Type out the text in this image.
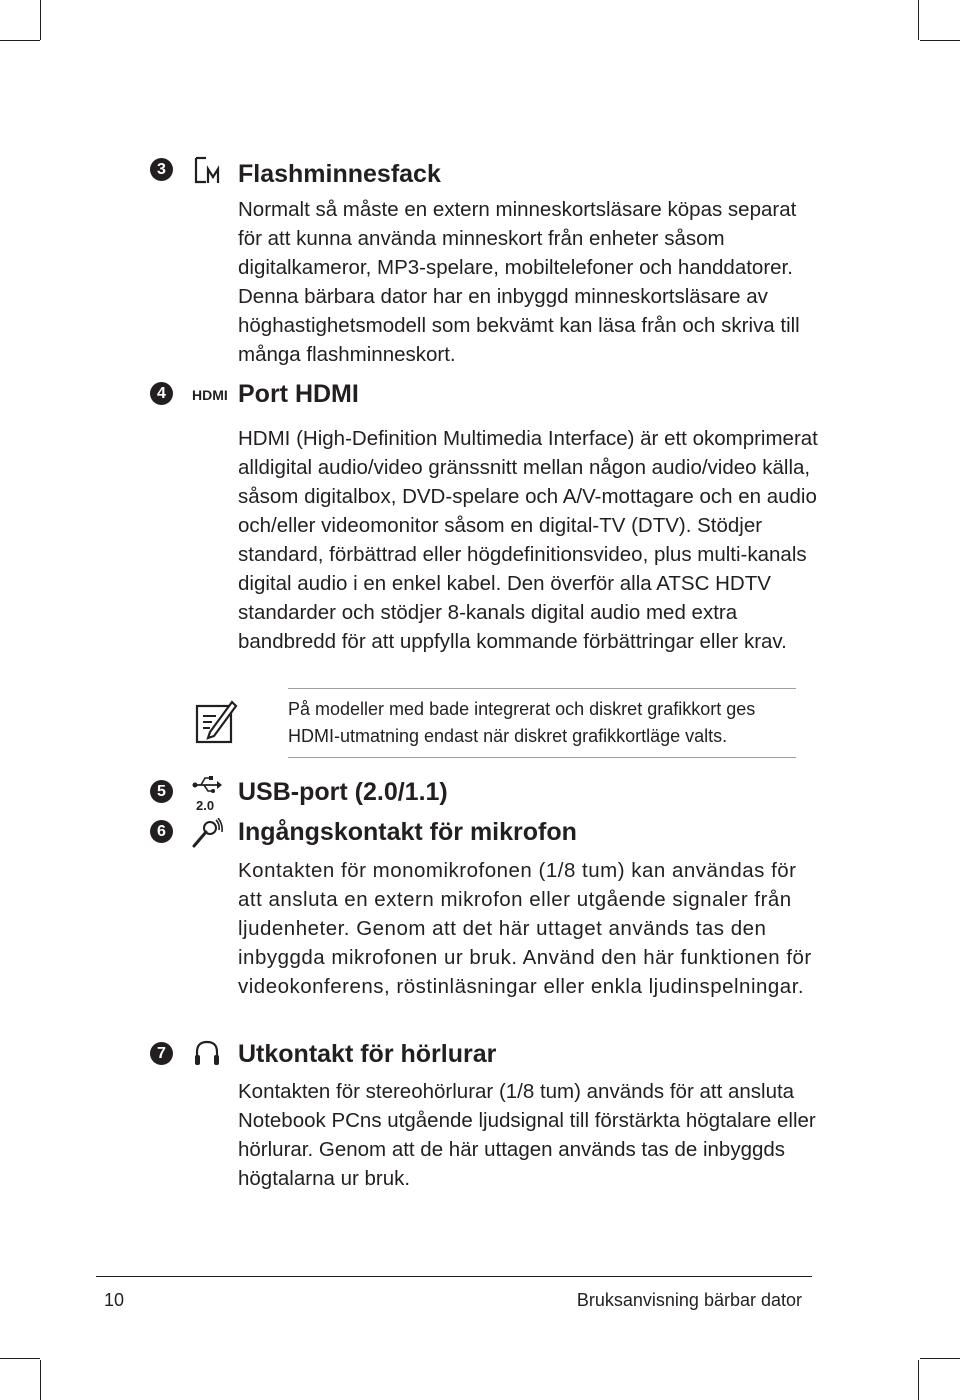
3	Flashminnesfack

Normalt så måste en extern minneskortsläsare köpas separat för att kunna använda minneskort från enheter såsom digitalkameror, MP3-spelare, mobiltelefoner och handdatorer. Denna bärbara dator har en inbyggd minneskortsläsare av höghastighetsmodell som bekvämt kan läsa från och skriva till många flashminneskort.

4	HDMI Port HDMI

HDMI (High-Definition Multimedia Interface) är ett okomprimerat alldigital audio/video gränssnitt mellan någon audio/video källa, såsom digitalbox, DVD-spelare och A/V-mottagare och en audio och/eller videomonitor såsom en digital-TV (DTV). Stödjer standard, förbättrad eller högdefinitionsvideo, plus multi-kanals digital audio i en enkel kabel. Den överför alla ATSC HDTV standarder och stödjer 8-kanals digital audio med extra bandbredd för att uppfylla kommande förbättringar eller krav.

På modeller med bade integrerat och diskret grafikkort ges HDMI-utmatning endast när diskret grafikkortläge valts.

5
2.0 USB-port (2.0/1.1)
6	Ingångskontakt för mikrofon

Kontakten för monomikrofonen (1/8 tum) kan användas för att ansluta en extern mikrofon eller utgående signaler från ljudenheter. Genom att det här uttaget används tas den inbyggda mikrofonen ur bruk. Använd den här funktionen för videokonferens, röstinläsningar eller enkla ljudinspelningar.

7	Utkontakt för hörlurar

Kontakten för stereohörlurar (1/8 tum) används för att ansluta Notebook PCns utgående ljudsignal till förstärkta högtalare eller hörlurar. Genom att de här uttagen används tas de inbyggds högtalarna ur bruk.

10	Bruksanvisning bärbar dator
